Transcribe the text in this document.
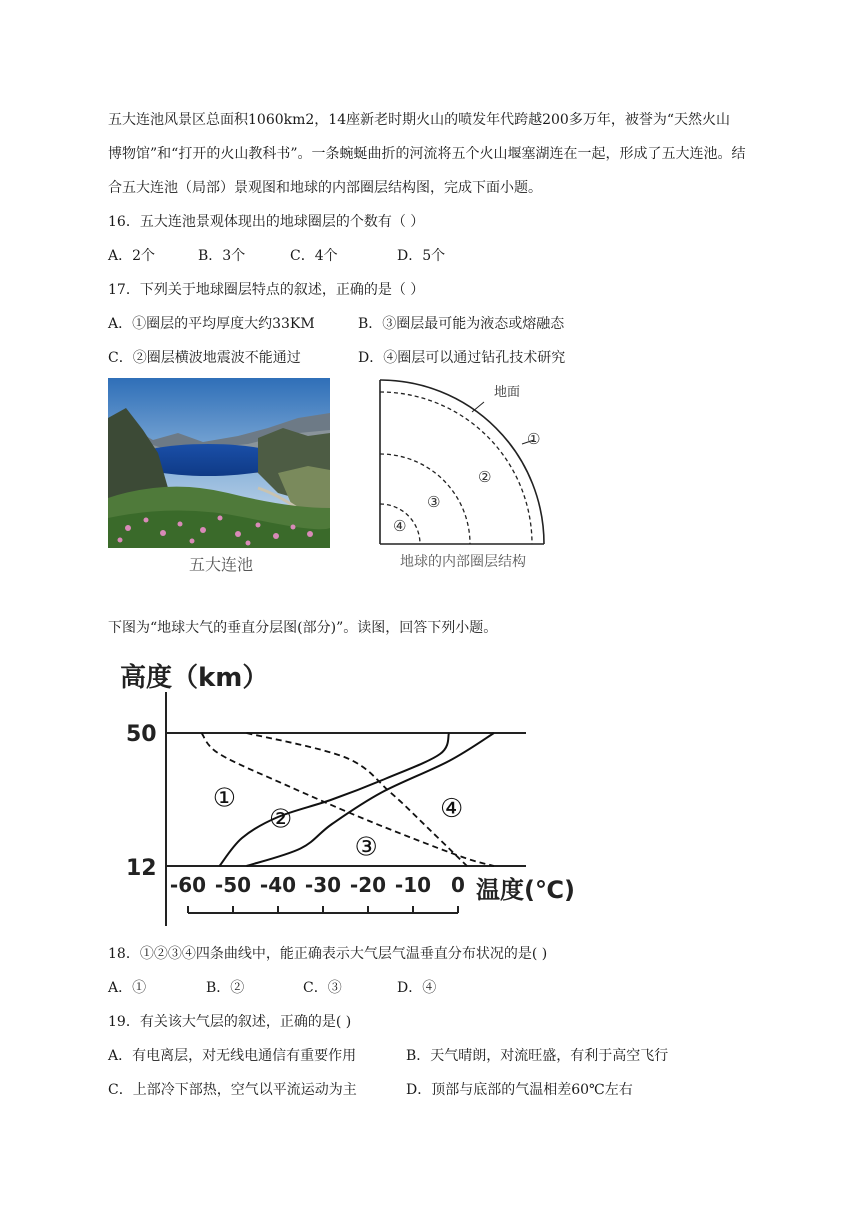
五大连池风景区总面积1060km2，14座新老时期火山的喷发年代跨越200多万年，被誉为“天然火山
博物馆”和“打开的火山教科书”。一条蜿蜒曲折的河流将五个火山堰塞湖连在一起，形成了五大连池。结
合五大连池（局部）景观图和地球的内部圈层结构图，完成下面小题。
16．五大连池景观体现出的地球圈层的个数有（ ）
A．2个	B．3个	C．4个	D．5个
17．下列关于地球圈层特点的叙述，正确的是（ ）
A．①圈层的平均厚度大约33KM	B．③圈层最可能为液态或熔融态
C．②圈层横波地震波不能通过	D．④圈层可以通过钻孔技术研究
五大连池
地面
①
②
③
④
地球的内部圈层结构
下图为“地球大气的垂直分层图(部分)”。读图，回答下列小题。
高度（km）
50
12
-60 -50 -40 -30 -20 -10 0 温度(℃)
①
②
③
④
18．①②③④四条曲线中，能正确表示大气层气温垂直分布状况的是( )
A．①	B．②	C．③	D．④
19．有关该大气层的叙述，正确的是( )
A．有电离层，对无线电通信有重要作用	B．天气晴朗，对流旺盛，有利于高空飞行
C．上部冷下部热，空气以平流运动为主	D．顶部与底部的气温相差60℃左右
